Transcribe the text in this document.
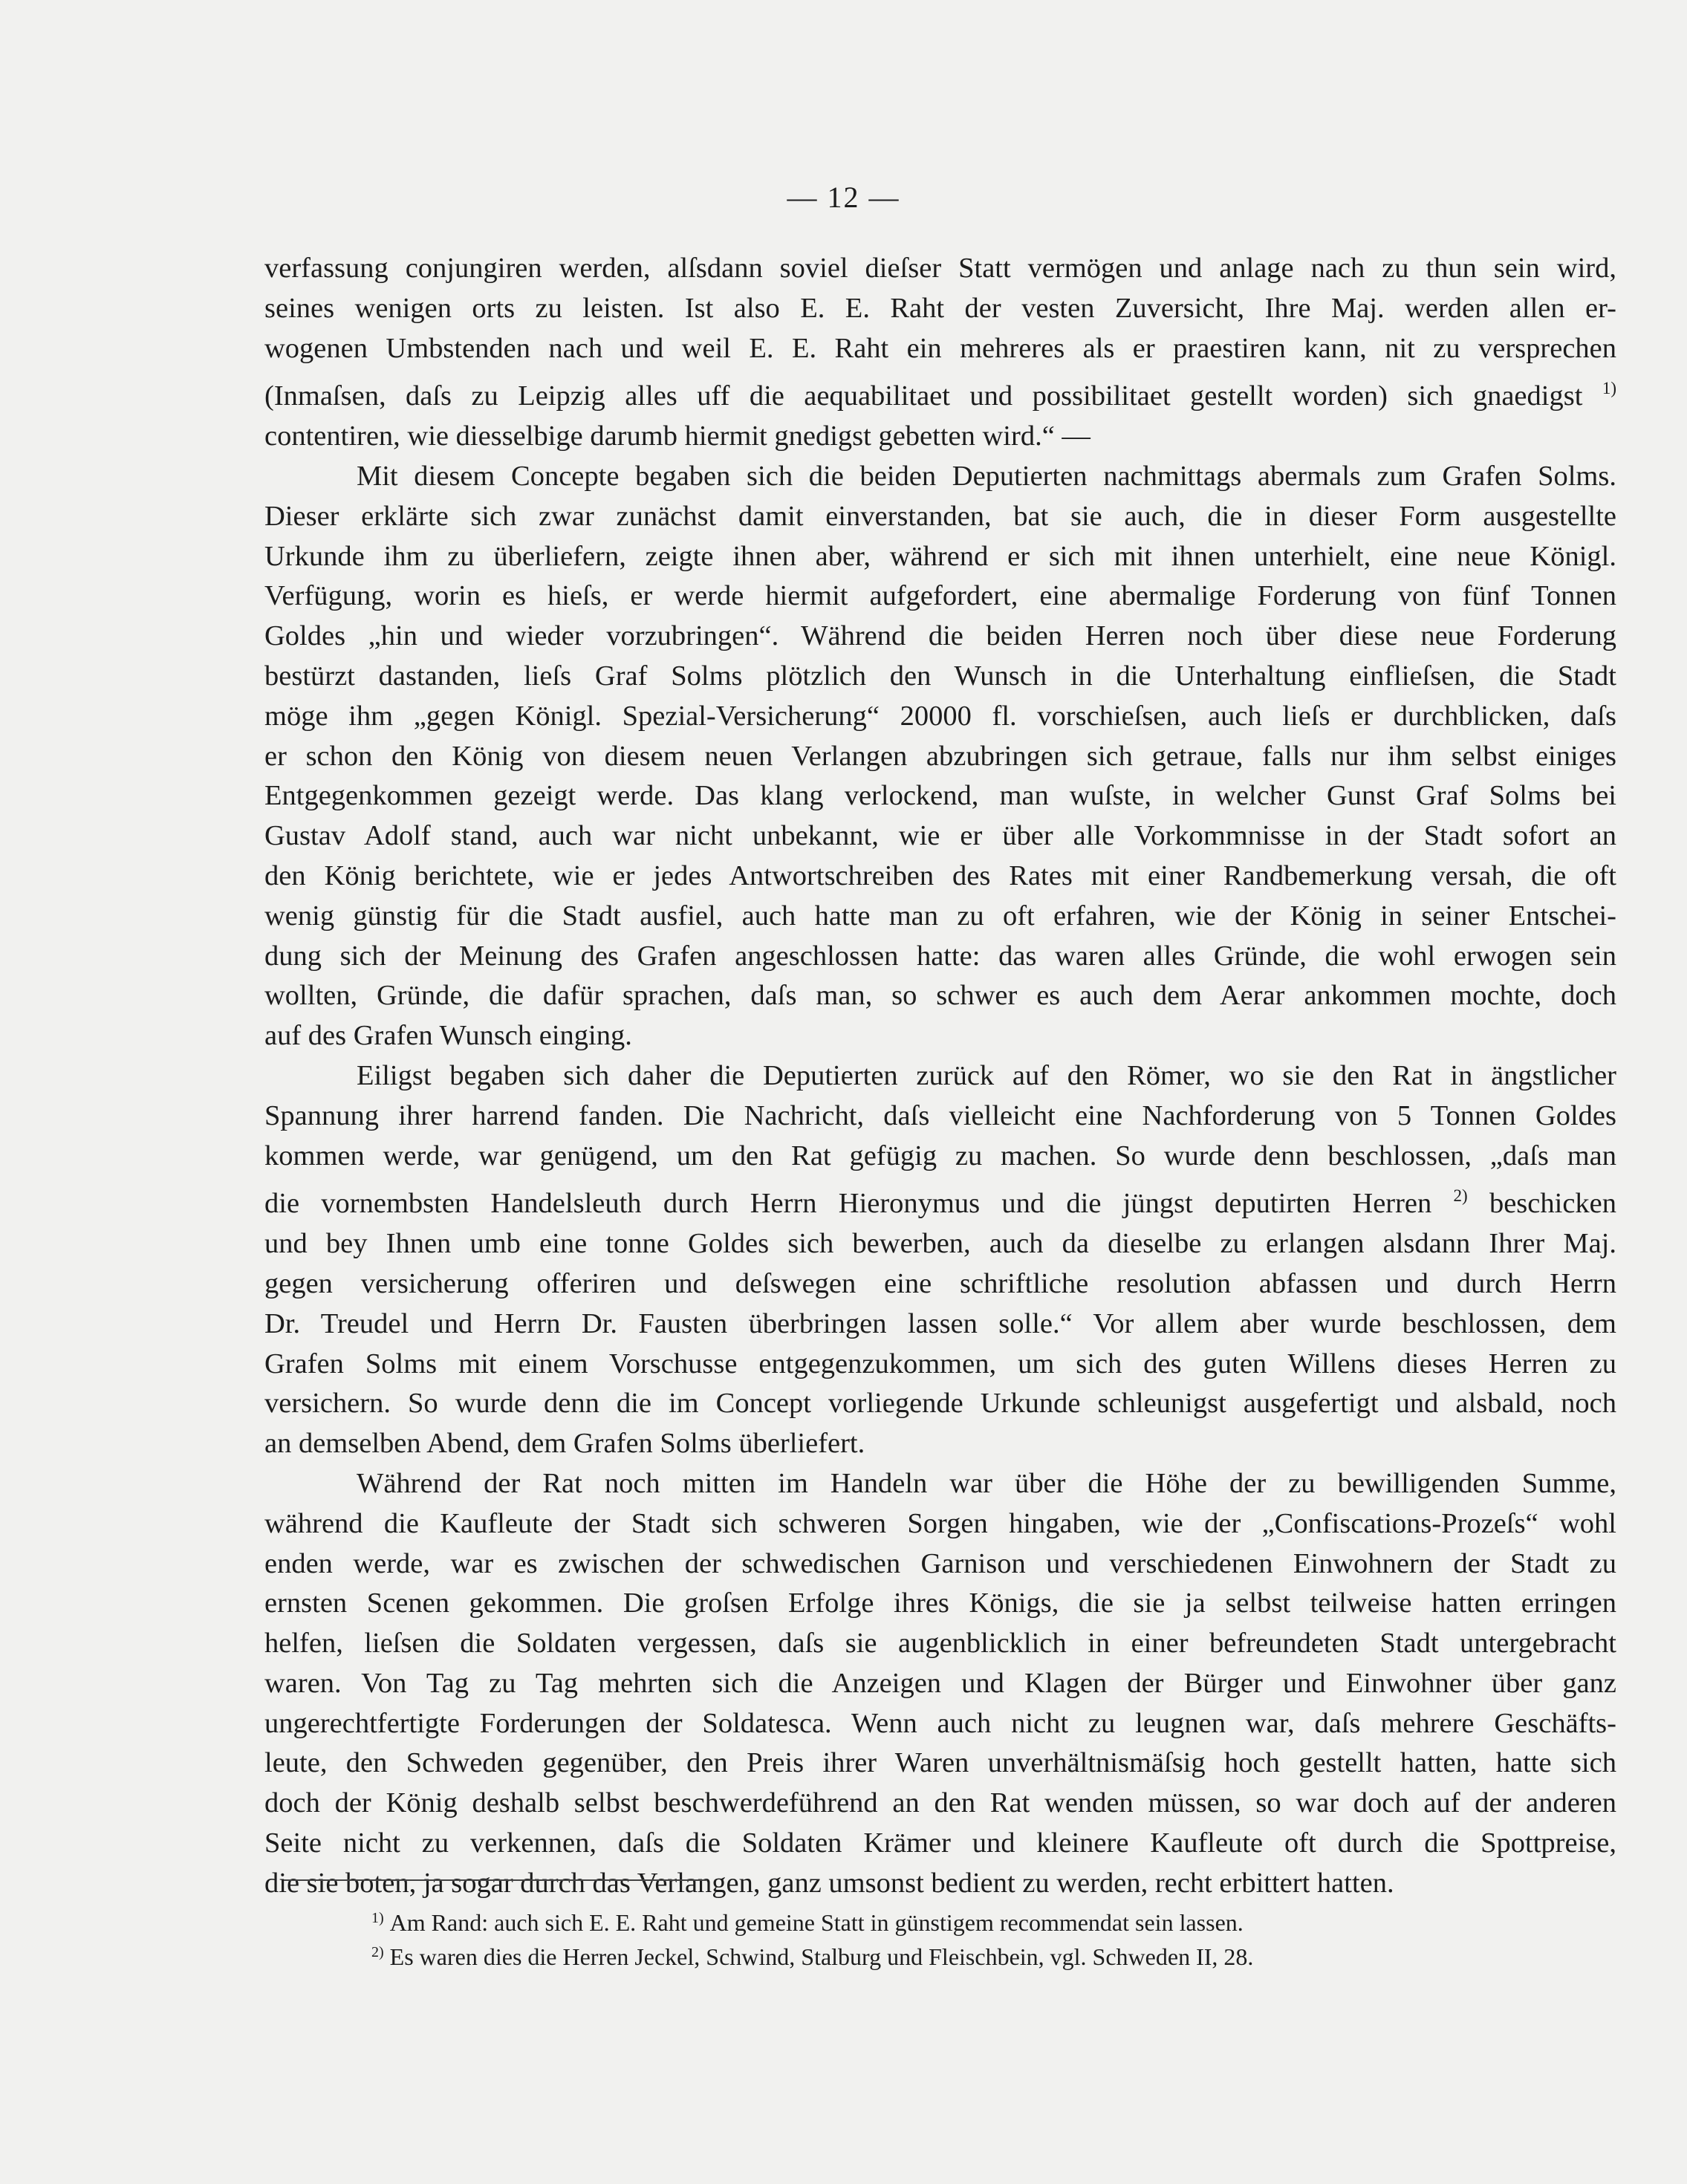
— 12 —

verfassung conjungiren werden, alſsdann soviel dieſser Statt vermögen und anlage nach zu thun sein wird,

seines wenigen orts zu leisten. Ist also E. E. Raht der vesten Zuversicht, Ihre Maj. werden allen er-

wogenen Umbstenden nach und weil E. E. Raht ein mehreres als er praestiren kann, nit zu versprechen

(Inmaſsen, daſs zu Leipzig alles uff die aequabilitaet und possibilitaet gestellt worden) sich gnaedigst $^{1)}$

contentiren, wie diesselbige darumb hiermit gnedigst gebetten wird.“ —

Mit diesem Concepte begaben sich die beiden Deputierten nachmittags abermals zum Grafen Solms.

Dieser erklärte sich zwar zunächst damit einverstanden, bat sie auch, die in dieser Form ausgestellte

Urkunde ihm zu überliefern, zeigte ihnen aber, während er sich mit ihnen unterhielt, eine neue Königl.

Verfügung, worin es hieſs, er werde hiermit aufgefordert, eine abermalige Forderung von fünf Tonnen

Goldes „hin und wieder vorzubringen“. Während die beiden Herren noch über diese neue Forderung

bestürzt dastanden, lieſs Graf Solms plötzlich den Wunsch in die Unterhaltung einflieſsen, die Stadt

möge ihm „gegen Königl. Spezial-Versicherung“ 20000 fl. vorschieſsen, auch lieſs er durchblicken, daſs

er schon den König von diesem neuen Verlangen abzubringen sich getraue, falls nur ihm selbst einiges

Entgegenkommen gezeigt werde. Das klang verlockend, man wuſste, in welcher Gunst Graf Solms bei

Gustav Adolf stand, auch war nicht unbekannt, wie er über alle Vorkommnisse in der Stadt sofort an

den König berichtete, wie er jedes Antwortschreiben des Rates mit einer Randbemerkung versah, die oft

wenig günstig für die Stadt ausfiel, auch hatte man zu oft erfahren, wie der König in seiner Entschei-

dung sich der Meinung des Grafen angeschlossen hatte: das waren alles Gründe, die wohl erwogen sein

wollten, Gründe, die dafür sprachen, daſs man, so schwer es auch dem Aerar ankommen mochte, doch

auf des Grafen Wunsch einging.

Eiligst begaben sich daher die Deputierten zurück auf den Römer, wo sie den Rat in ängstlicher

Spannung ihrer harrend fanden. Die Nachricht, daſs vielleicht eine Nachforderung von 5 Tonnen Goldes

kommen werde, war genügend, um den Rat gefügig zu machen. So wurde denn beschlossen, „daſs man

die vornembsten Handelsleuth durch Herrn Hieronymus und die jüngst deputirten Herren $^{2)}$ beschicken

und bey Ihnen umb eine tonne Goldes sich bewerben, auch da dieselbe zu erlangen alsdann Ihrer Maj.

gegen versicherung offeriren und deſswegen eine schriftliche resolution abfassen und durch Herrn

Dr. Treudel und Herrn Dr. Fausten überbringen lassen solle.“ Vor allem aber wurde beschlossen, dem

Grafen Solms mit einem Vorschusse entgegenzukommen, um sich des guten Willens dieses Herren zu

versichern. So wurde denn die im Concept vorliegende Urkunde schleunigst ausgefertigt und alsbald, noch

an demselben Abend, dem Grafen Solms überliefert.

Während der Rat noch mitten im Handeln war über die Höhe der zu bewilligenden Summe,

während die Kaufleute der Stadt sich schweren Sorgen hingaben, wie der „Confiscations-Prozeſs“ wohl

enden werde, war es zwischen der schwedischen Garnison und verschiedenen Einwohnern der Stadt zu

ernsten Scenen gekommen. Die groſsen Erfolge ihres Königs, die sie ja selbst teilweise hatten erringen

helfen, lieſsen die Soldaten vergessen, daſs sie augenblicklich in einer befreundeten Stadt untergebracht

waren. Von Tag zu Tag mehrten sich die Anzeigen und Klagen der Bürger und Einwohner über ganz

ungerechtfertigte Forderungen der Soldatesca. Wenn auch nicht zu leugnen war, daſs mehrere Geschäfts-

leute, den Schweden gegenüber, den Preis ihrer Waren unverhältnismäſsig hoch gestellt hatten, hatte sich

doch der König deshalb selbst beschwerdeführend an den Rat wenden müssen, so war doch auf der anderen

Seite nicht zu verkennen, daſs die Soldaten Krämer und kleinere Kaufleute oft durch die Spottpreise,

die sie boten, ja sogar durch das Verlangen, ganz umsonst bedient zu werden, recht erbittert hatten.

$^{1)}$ Am Rand: auch sich E. E. Raht und gemeine Statt in günstigem recommendat sein lassen.

$^{2)}$ Es waren dies die Herren Jeckel, Schwind, Stalburg und Fleischbein, vgl. Schweden II, 28.
